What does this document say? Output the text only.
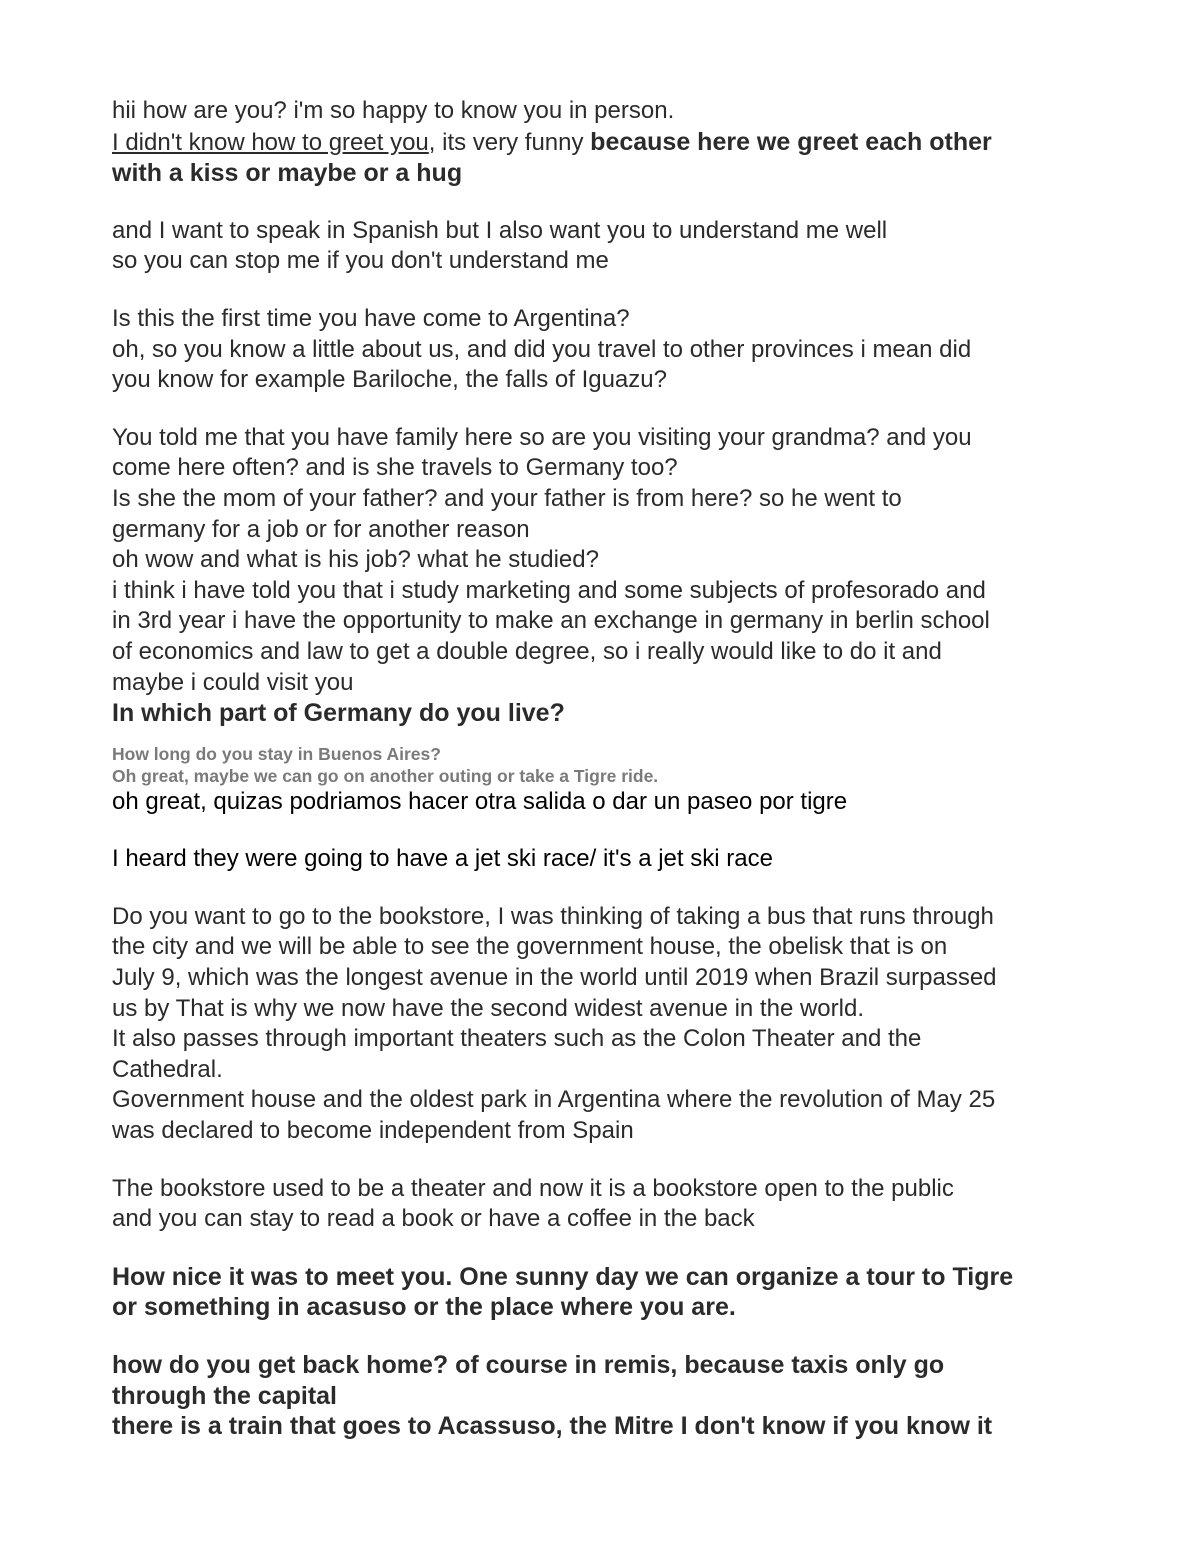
hii how are you? i'm so happy to know you in person.
I didn't know how to greet you, its very funny because here we greet each other
with a kiss or maybe or a hug
and I want to speak in Spanish but I also want you to understand me well
so you can stop me if you don't understand me
Is this the first time you have come to Argentina?
oh, so you know a little about us, and did you travel to other provinces i mean did
you know for example Bariloche, the falls of Iguazu?
You told me that you have family here so are you visiting your grandma? and you
come here often? and is she travels to Germany too?
Is she the mom of your father? and your father is from here? so he went to
germany for a job or for another reason
oh wow and what is his job? what he studied?
i think i have told you that i study marketing and some subjects of profesorado and
in 3rd year i have the opportunity to make an exchange in germany in berlin school
of economics and law to get a double degree, so i really would like to do it and
maybe i could visit you
In which part of Germany do you live?
How long do you stay in Buenos Aires?
Oh great, maybe we can go on another outing or take a Tigre ride.
oh great, quizas podriamos hacer otra salida o dar un paseo por tigre
I heard they were going to have a jet ski race/ it's a jet ski race
Do you want to go to the bookstore, I was thinking of taking a bus that runs through
the city and we will be able to see the government house, the obelisk that is on
July 9, which was the longest avenue in the world until 2019 when Brazil surpassed
us by That is why we now have the second widest avenue in the world.
It also passes through important theaters such as the Colon Theater and the
Cathedral.
Government house and the oldest park in Argentina where the revolution of May 25
was declared to become independent from Spain
The bookstore used to be a theater and now it is a bookstore open to the public
and you can stay to read a book or have a coffee in the back
How nice it was to meet you. One sunny day we can organize a tour to Tigre
or something in acasuso or the place where you are.
how do you get back home? of course in remis, because taxis only go
through the capital
there is a train that goes to Acassuso, the Mitre I don't know if you know it
